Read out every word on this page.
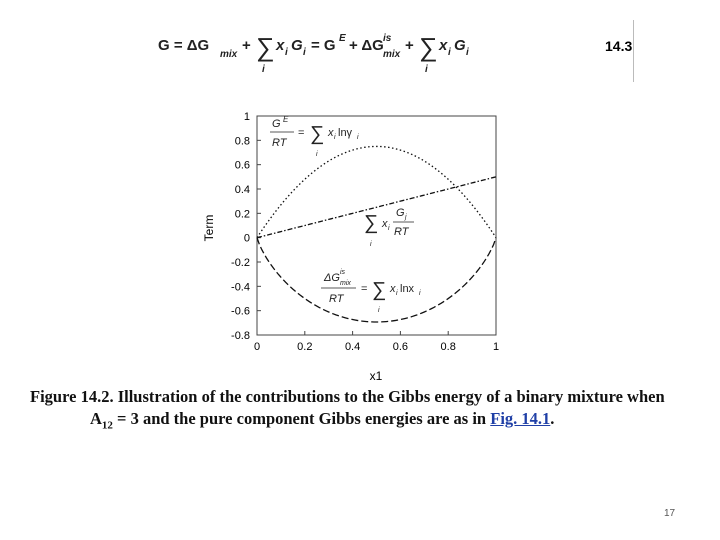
G = ΔG
mix
+ ∑
i
x i G i = G E + ΔG is
mix
+ ∑
i
x i G i	14.3
1
0.8
0.6
0.4
0.2
0
-0.2
-0.4
-0.6
-0.8
0	0.2	0.4	0.6	0.8	1
Term
x1
G E
RT
= ∑
i
x i lnγ i
∑
i
x i
G j
RT
ΔG is
mix
RT
= ∑
i
x i lnx i
Figure 14.2. Illustration of the contributions to the Gibbs energy of a binary mixture when
$A_{12} = 3$ and the pure component Gibbs energies are as in Fig. 14.1.
17
